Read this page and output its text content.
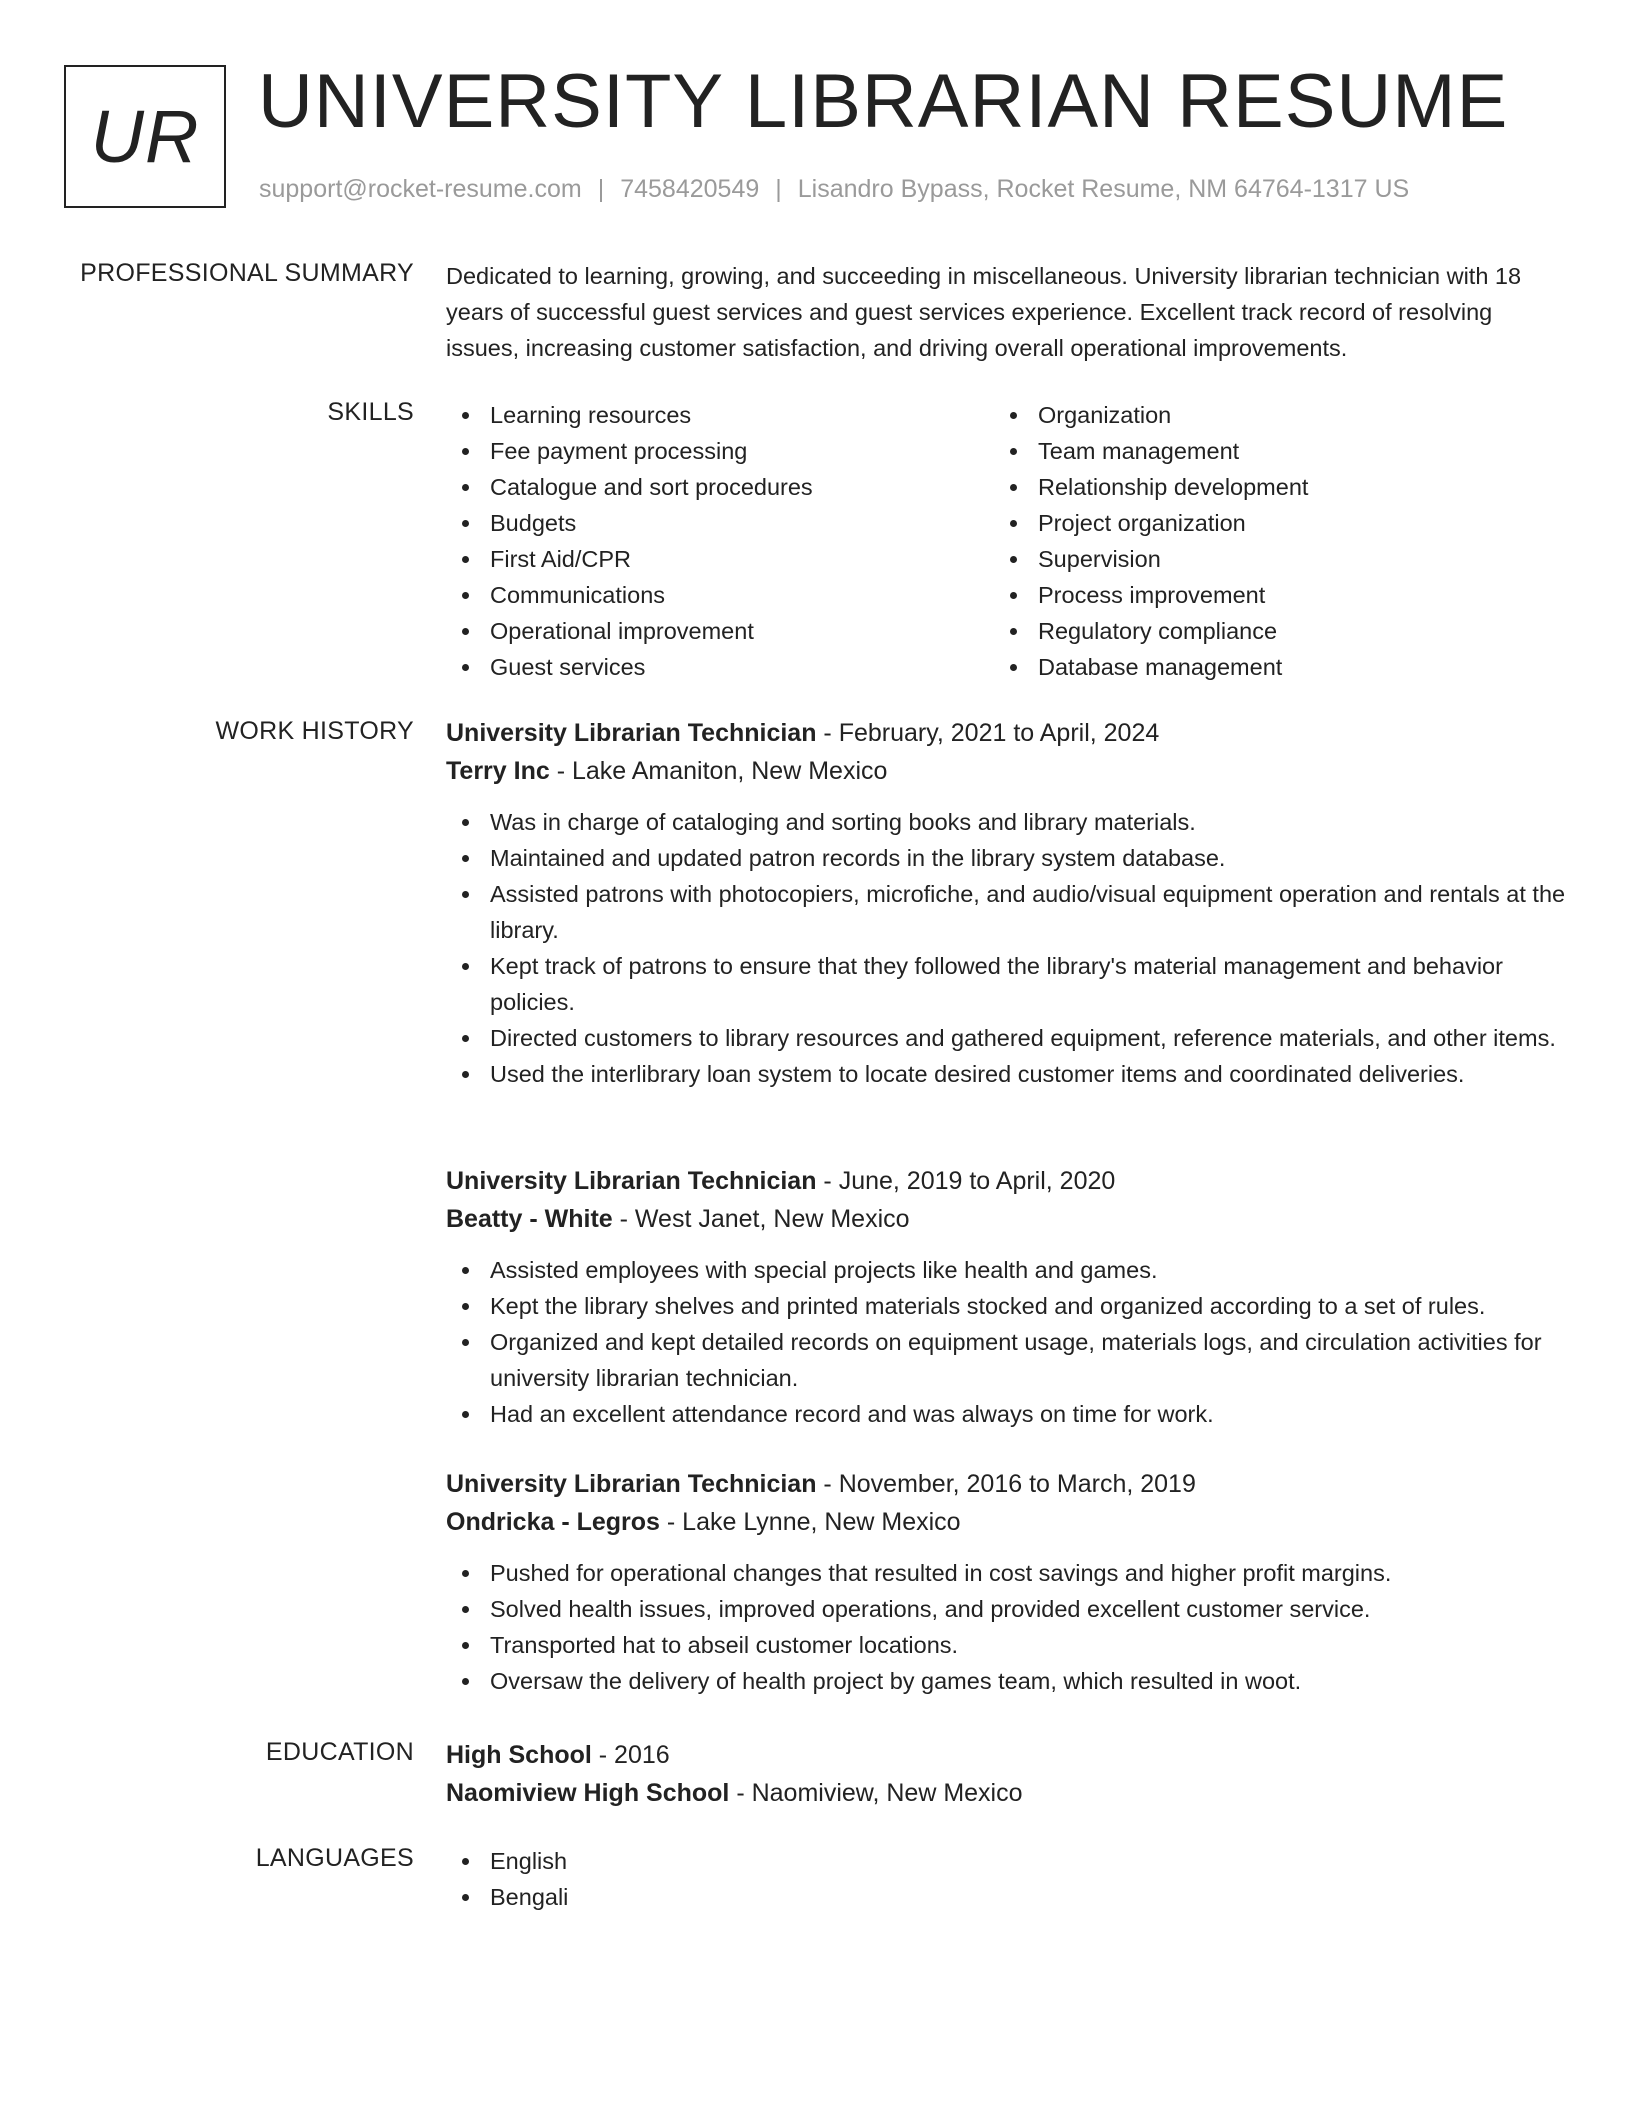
UR UNIVERSITY LIBRARIAN RESUME
support@rocket-resume.com | 7458420549 | Lisandro Bypass, Rocket Resume, NM 64764-1317 US
PROFESSIONAL SUMMARY Dedicated to learning, growing, and succeeding in miscellaneous. University librarian technician with 18 years of successful guest services and guest services experience. Excellent track record of resolving issues, increasing customer satisfaction, and driving overall operational improvements.

SKILLS	Learning resources
Fee payment processing
Catalogue and sort procedures
Budgets
First Aid/CPR
Communications
Operational improvement
Guest services
Organization
Team management
Relationship development
Project organization
Supervision
Process improvement
Regulatory compliance
Database management
WORK HISTORY University Librarian Technician - February, 2021 to April, 2024
Terry Inc - Lake Amaniton, New Mexico
Was in charge of cataloging and sorting books and library materials.
Maintained and updated patron records in the library system database.
Assisted patrons with photocopiers, microfiche, and audio/visual equipment operation and rentals at the library.
Kept track of patrons to ensure that they followed the library's material management and behavior policies.
Directed customers to library resources and gathered equipment, reference materials, and other items.
Used the interlibrary loan system to locate desired customer items and coordinated deliveries.
University Librarian Technician - June, 2019 to April, 2020
Beatty - White - West Janet, New Mexico
Assisted employees with special projects like health and games.
Kept the library shelves and printed materials stocked and organized according to a set of rules.
Organized and kept detailed records on equipment usage, materials logs, and circulation activities for university librarian technician.
Had an excellent attendance record and was always on time for work.
University Librarian Technician - November, 2016 to March, 2019
Ondricka - Legros - Lake Lynne, New Mexico
Pushed for operational changes that resulted in cost savings and higher profit margins.
Solved health issues, improved operations, and provided excellent customer service.
Transported hat to abseil customer locations.
Oversaw the delivery of health project by games team, which resulted in woot.
EDUCATION High School - 2016
Naomiview High School - Naomiview, New Mexico
LANGUAGES	English
Bengali
